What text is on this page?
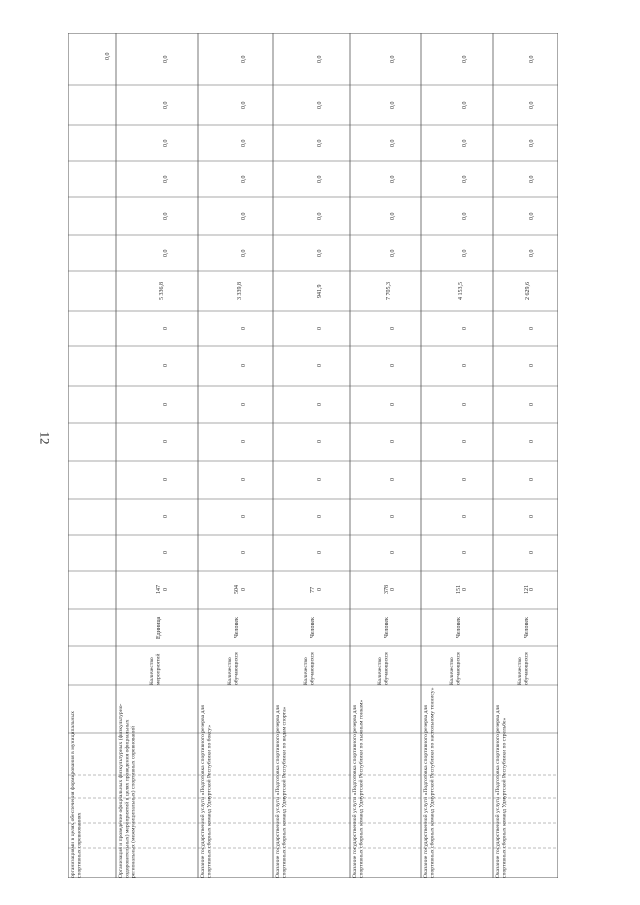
12
организациями в целях обеспечения формирования в муниципальных спортивных соревнованиях
0,0
Организация и проведение официальных физкультурных (физкультурно-оздоровительных) мероприятий в целях проведения официальных региональных (межмуниципальных) спортивных соревнований
Количество мероприятий
Единица
147 0
0
0
0
0
0
0
0
5 336,8
0,0
0,0
0,0
0,0
0,0
0,0
Оказание государственной услуги «Подготовка спортивного резерва для спортивных сборных команд Удмуртской Республики по боксу»
Количество обучающихся
Человек
504 0
0
0
0
0
0
0
0
3 339,8
0,0
0,0
0,0
0,0
0,0
0,0
Оказание государственной услуги «Подготовка спортивного резерва для спортивных сборных команд Удмуртской Республики по видам спорта»
Количество обучающихся
Человек
77 0
0
0
0
0
0
0
0
941,9
0,0
0,0
0,0
0,0
0,0
0,0
Оказание государственной услуги «Подготовка спортивного резерва для спортивных сборных команд Удмуртской Республики по лыжным гонкам»
Количество обучающихся
Человек
378 0
0
0
0
0
0
0
0
7 705,3
0,0
0,0
0,0
0,0
0,0
0,0
Оказание государственной услуги «Подготовка спортивного резерва для спортивных сборных команд Удмуртской Республики по настольному теннису»
Количество обучающихся
Человек
151 0
0
0
0
0
0
0
0
4 153,5
0,0
0,0
0,0
0,0
0,0
0,0
Оказание государственной услуги «Подготовка спортивного резерва для спортивных сборных команд Удмуртской Республики по стрельбе»
Количество обучающихся
Человек
121 0
0
0
0
0
0
0
0
2 629,6
0,0
0,0
0,0
0,0
0,0
0,0
